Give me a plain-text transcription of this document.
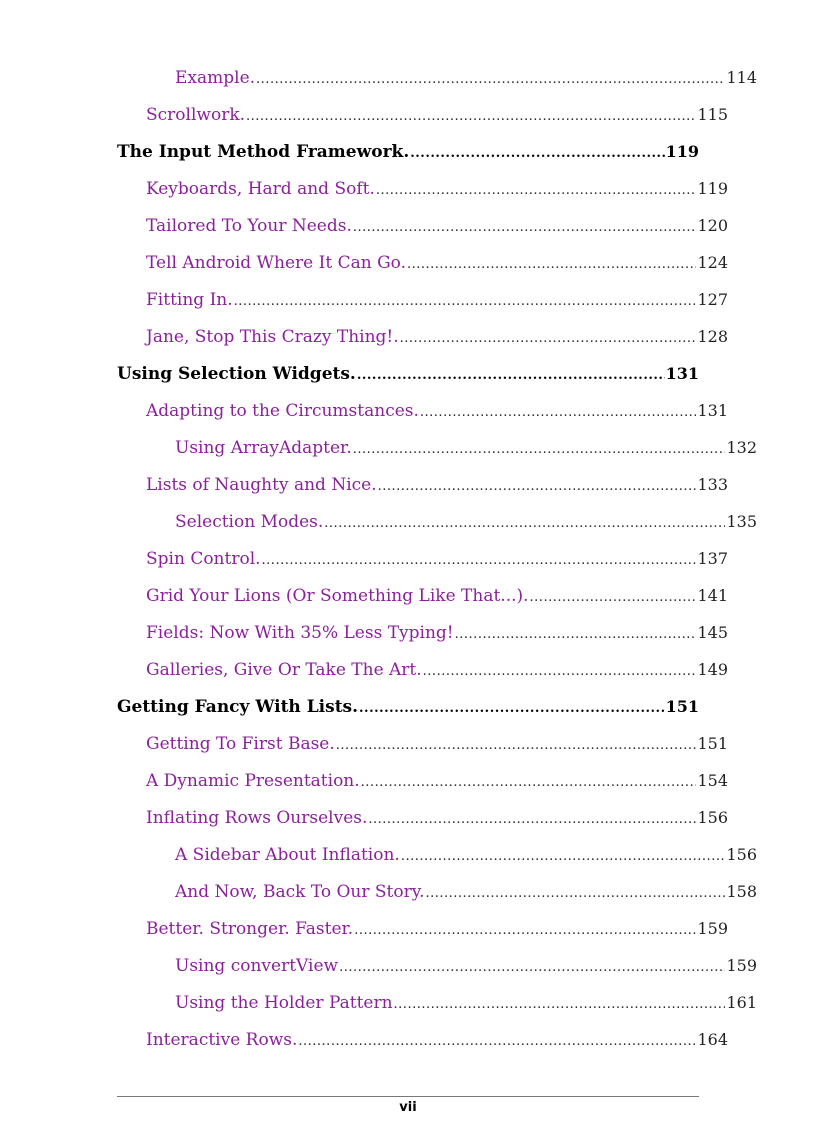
Example. .....	114
Scrollwork. .....	115
The Input Method Framework. .....	119
Keyboards, Hard and Soft. .....	119
Tailored To Your Needs. .....	120
Tell Android Where It Can Go. .....	124
Fitting In. .....	127
Jane, Stop This Crazy Thing!. .....	128
Using Selection Widgets. .....	131
Adapting to the Circumstances. .....	131
Using ArrayAdapter. .....	132
Lists of Naughty and Nice. .....	133
Selection Modes. .....	135
Spin Control. .....	137
Grid Your Lions (Or Something Like That...). .....	141
Fields: Now With 35% Less Typing! .....	145
Galleries, Give Or Take The Art. .....	149
Getting Fancy With Lists. .....	151
Getting To First Base. .....	151
A Dynamic Presentation. .....	154
Inflating Rows Ourselves. .....	156
A Sidebar About Inflation. .....	156
And Now, Back To Our Story. .....	158
Better. Stronger. Faster. .....	159
Using convertView .....	159
Using the Holder Pattern .....	161
Interactive Rows. .....	164
vii
